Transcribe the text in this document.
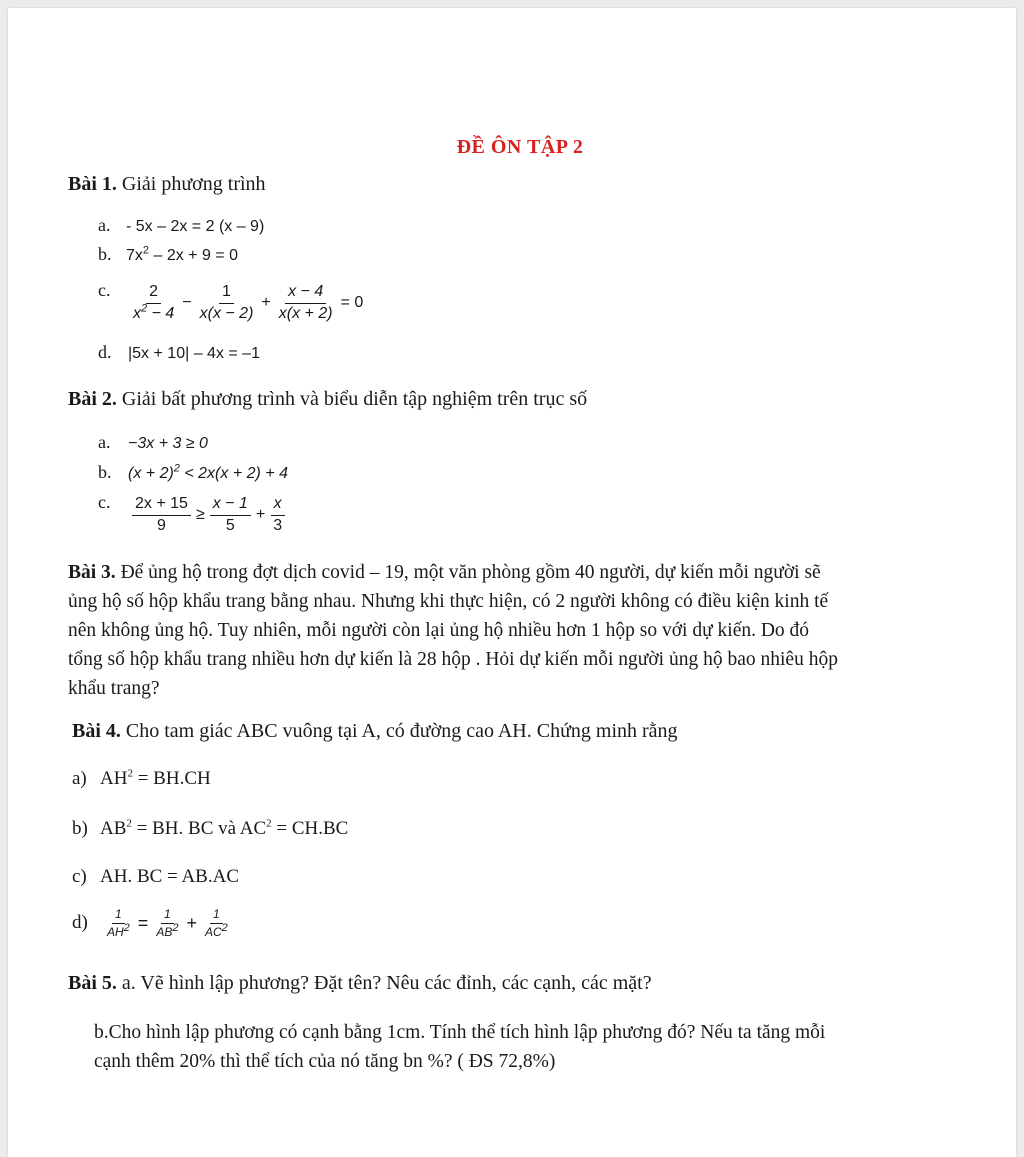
ĐỀ ÔN TẬP 2
Bài 1. Giải phương trình
a. - 5x – 2x = 2 (x – 9)
b. $7x^2 - 2x + 9 = 0$
c. $\frac{2}{x^2 - 4} - \frac{1}{x(x - 2)} + \frac{x - 4}{x(x + 2)} = 0$
d. |5x + 10| – 4x = –1
Bài 2. Giải bất phương trình và biểu diễn tập nghiệm trên trục số
a. −3x + 3 ≥ 0
b. $(x + 2)^2 < 2x(x + 2) + 4$
c. $\frac{2x + 15}{9} \ge \frac{x - 1}{5} + \frac{x}{3}$
Bài 3. Để ủng hộ trong đợt dịch covid – 19, một văn phòng gồm 40 người, dự kiến mỗi người sẽ
ủng hộ số hộp khẩu trang bằng nhau. Nhưng khi thực hiện, có 2 người không có điều kiện kinh tế
nên không ủng hộ. Tuy nhiên, mỗi người còn lại ủng hộ nhiều hơn 1 hộp so với dự kiến. Do đó
tổng số hộp khẩu trang nhiều hơn dự kiến là 28 hộp . Hỏi dự kiến mỗi người ủng hộ bao nhiêu hộp
khẩu trang?
Bài 4. Cho tam giác ABC vuông tại A, có đường cao AH. Chứng minh rằng
a) $AH^2 = BH.CH$
b) $AB^2$ = BH. BC và $AC^2 = CH.BC$
c) AH. BC = AB.AC
d)	$\frac{1}{AH^2} = \frac{1}{AB^2} + \frac{1}{AC^2}$
Bài 5. a. Vẽ hình lập phương? Đặt tên? Nêu các đỉnh, các cạnh, các mặt?
b.Cho hình lập phương có cạnh bằng 1cm. Tính thể tích hình lập phương đó? Nếu ta tăng mỗi
cạnh thêm 20% thì thể tích của nó tăng bn %? ( ĐS 72,8%)
